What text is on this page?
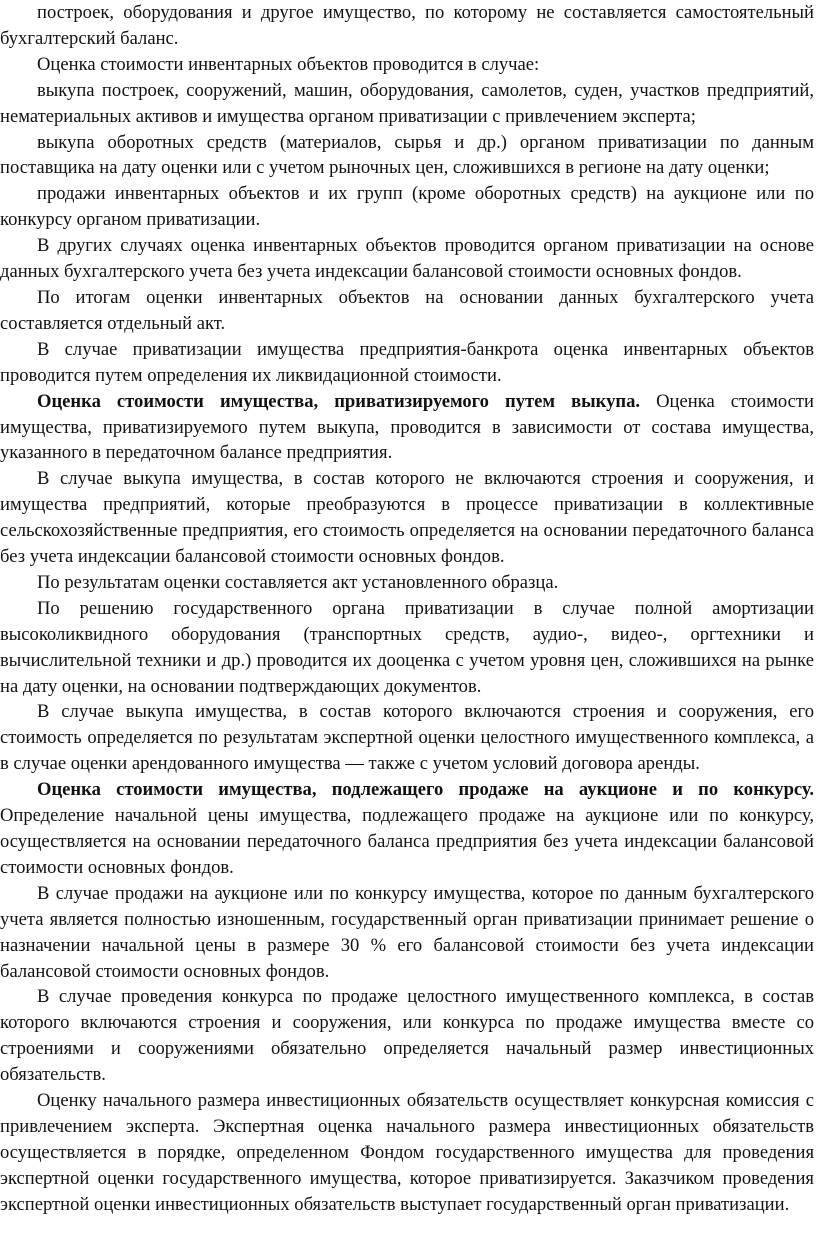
построек, оборудования и другое имущество, по которому не составляется самостоятельный бухгалтерский баланс.

Оценка стоимости инвентарных объектов проводится в случае:

выкупа построек, сооружений, машин, оборудования, самолетов, суден, участков предприятий, нематериальных активов и имущества органом приватизации с привлечением эксперта;

выкупа оборотных средств (материалов, сырья и др.) органом приватизации по данным поставщика на дату оценки или с учетом рыночных цен, сложившихся в регионе на дату оценки;

продажи инвентарных объектов и их групп (кроме оборотных средств) на аукционе или по конкурсу органом приватизации.

В других случаях оценка инвентарных объектов проводится органом приватизации на основе данных бухгалтерского учета без учета индексации балансовой стоимости основных фондов.

По итогам оценки инвентарных объектов на основании данных бухгалтерского учета составляется отдельный акт.

В случае приватизации имущества предприятия-банкрота оценка инвентарных объектов проводится путем определения их ликвидационной стоимости.

Оценка стоимости имущества, приватизируемого путем выкупа. Оценка стоимости имущества, приватизируемого путем выкупа, проводится в зависимости от состава имущества, указанного в передаточном балансе предприятия.

В случае выкупа имущества, в состав которого не включаются строения и сооружения, и имущества предприятий, которые преобразуются в процессе приватизации в коллективные сельскохозяйственные предприятия, его стоимость определяется на основании передаточного баланса без учета индексации балансовой стоимости основных фондов.

По результатам оценки составляется акт установленного образца.

По решению государственного органа приватизации в случае полной амортизации высоколиквидного оборудования (транспортных средств, аудио-, видео-, оргтехники и вычислительной техники и др.) проводится их дооценка с учетом уровня цен, сложившихся на рынке на дату оценки, на основании подтверждающих документов.

В случае выкупа имущества, в состав которого включаются строения и сооружения, его стоимость определяется по результатам экспертной оценки целостного имущественного комплекса, а в случае оценки арендованного имущества — также с учетом условий договора аренды.

Оценка стоимости имущества, подлежащего продаже на аукционе и по конкурсу. Определение начальной цены имущества, подлежащего продаже на аукционе или по конкурсу, осуществляется на основании передаточного баланса предприятия без учета индексации балансовой стоимости основных фондов.

В случае продажи на аукционе или по конкурсу имущества, которое по данным бухгалтерского учета является полностью изношенным, государственный орган приватизации принимает решение о назначении начальной цены в размере 30 % его балансовой стоимости без учета индексации балансовой стоимости основных фондов.

В случае проведения конкурса по продаже целостного имущественного комплекса, в состав которого включаются строения и сооружения, или конкурса по продаже имущества вместе со строениями и сооружениями обязательно определяется начальный размер инвестиционных обязательств.

Оценку начального размера инвестиционных обязательств осуществляет конкурсная комиссия с привлечением эксперта. Экспертная оценка начального размера инвестиционных обязательств осуществляется в порядке, определенном Фондом государственного имущества для проведения экспертной оценки государственного имущества, которое приватизируется. Заказчиком проведения экспертной оценки инвестиционных обязательств выступает государственный орган приватизации.
